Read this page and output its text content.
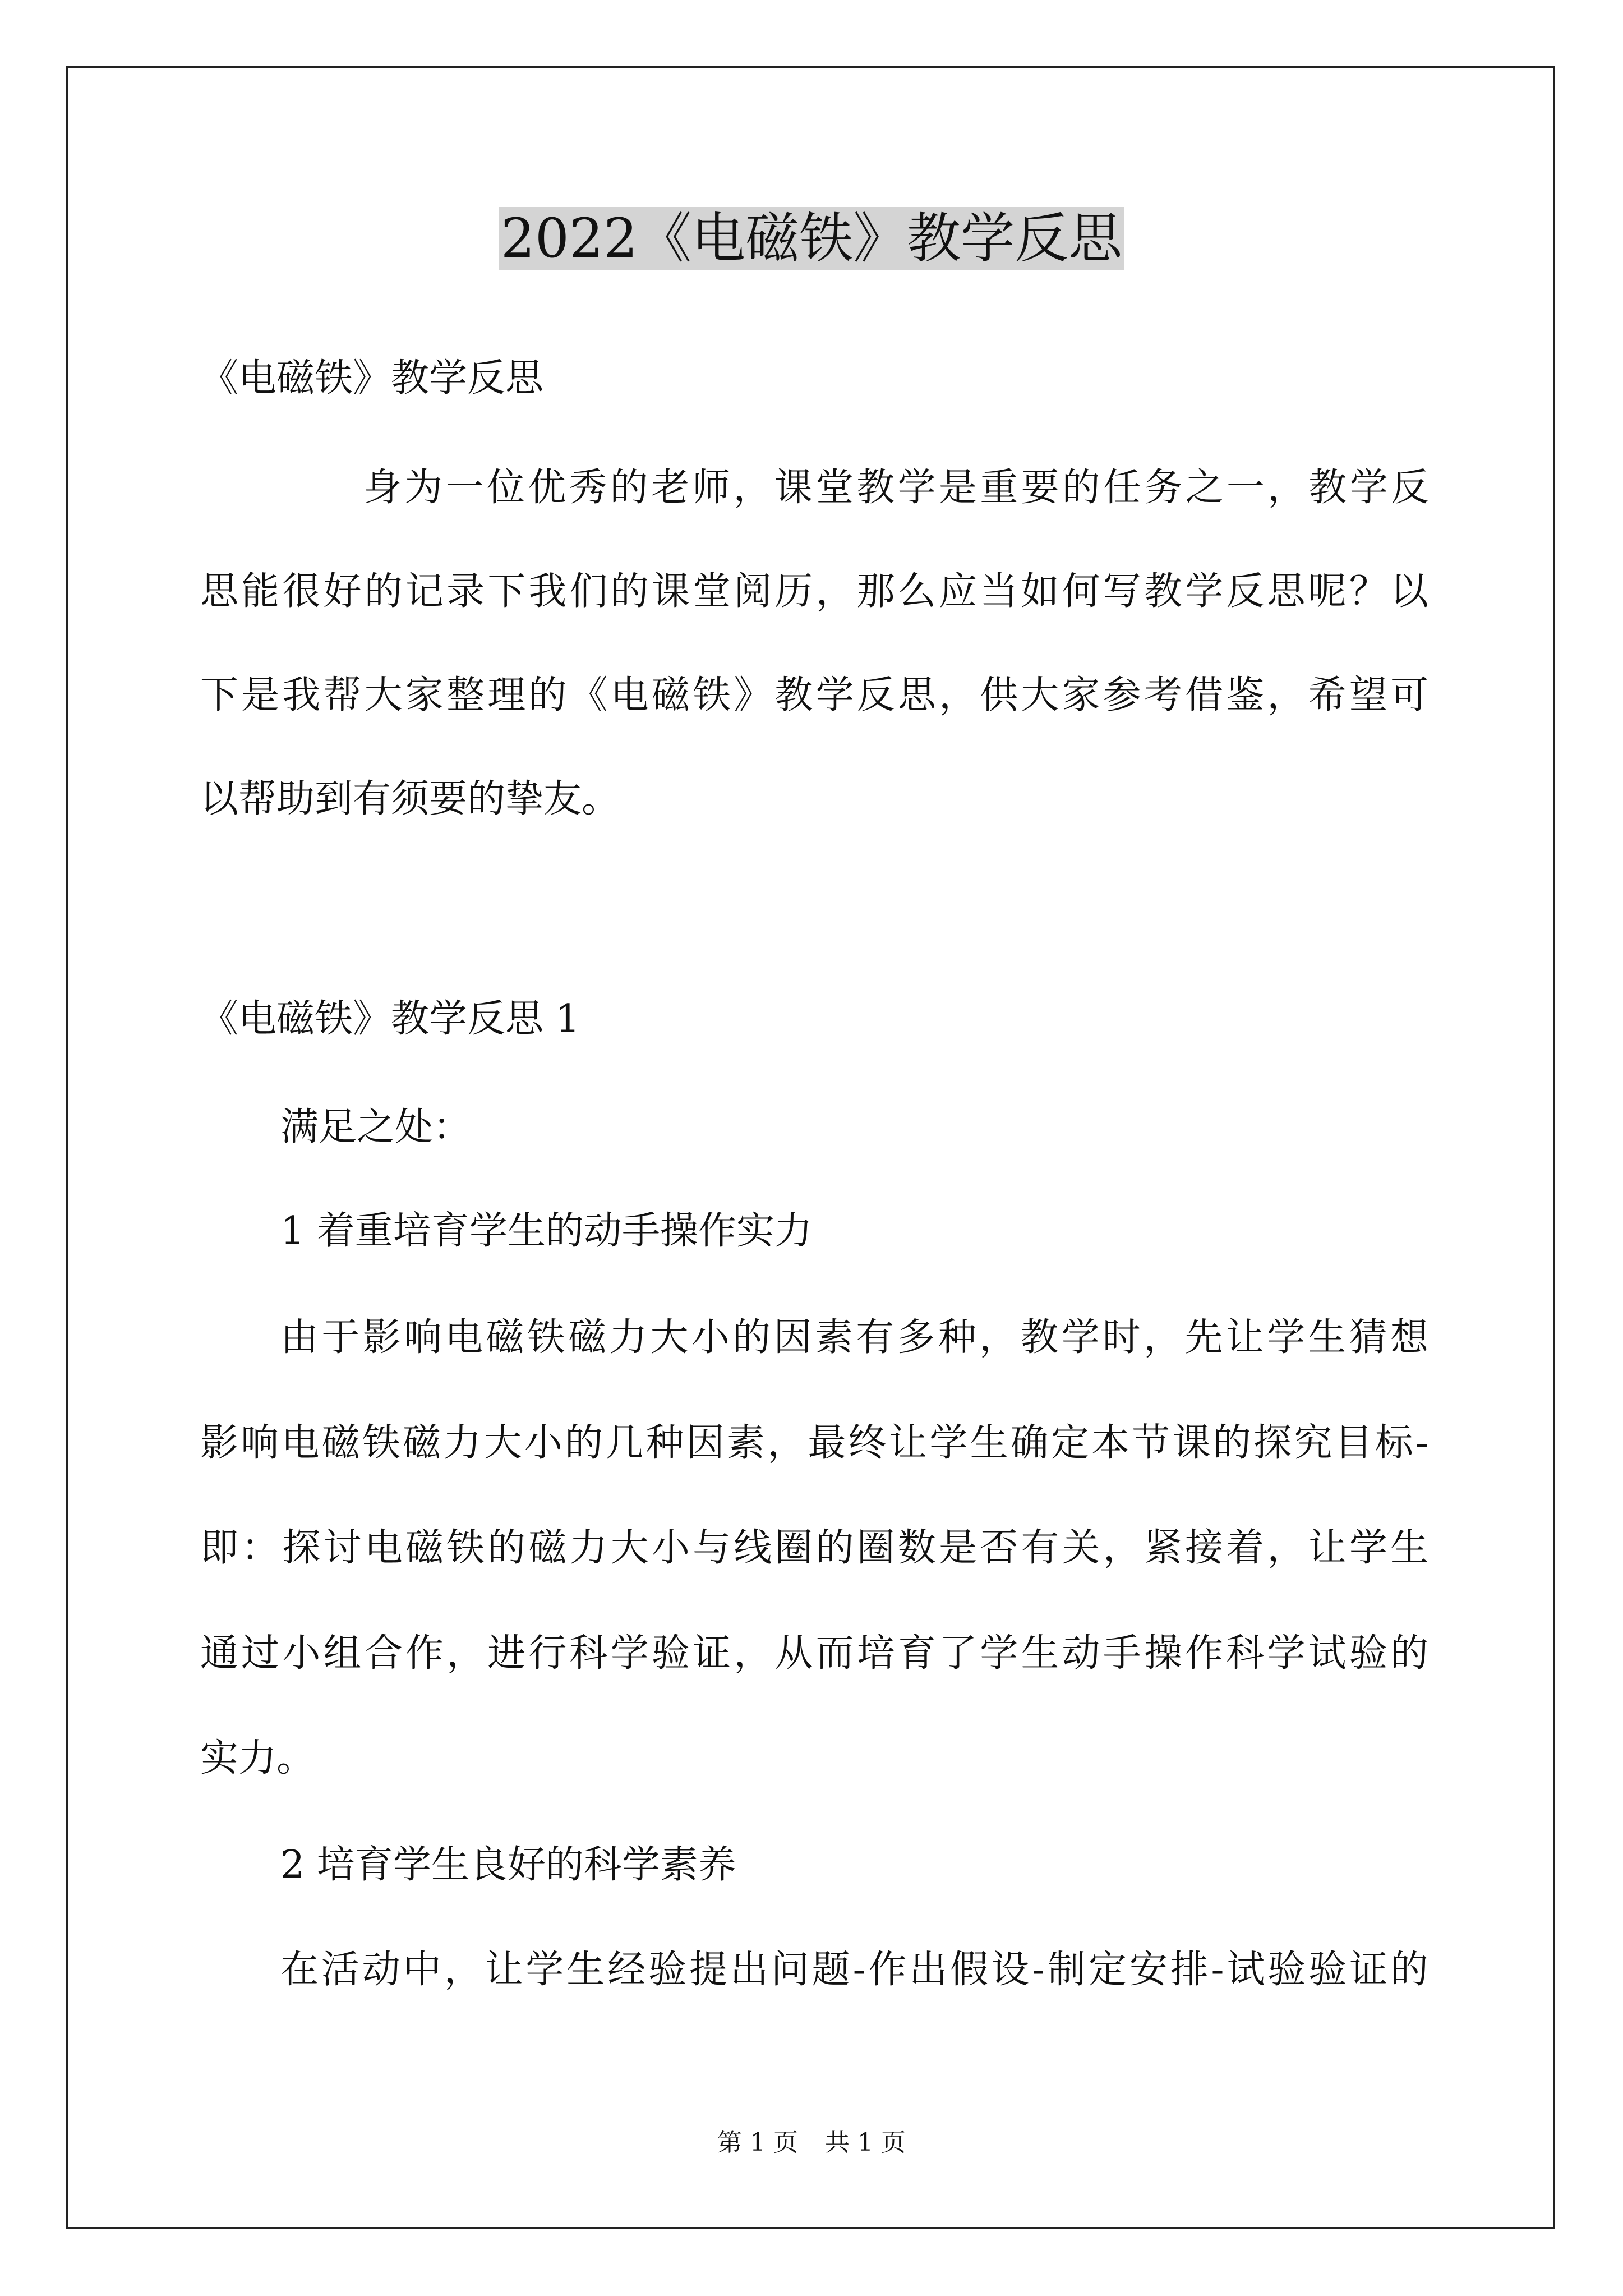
2022《电磁铁》教学反思
《电磁铁》教学反思
身为一位优秀的老师，课堂教学是重要的任务之一，教学反
思能很好的记录下我们的课堂阅历，那么应当如何写教学反思呢？以
下是我帮大家整理的《电磁铁》教学反思，供大家参考借鉴，希望可
以帮助到有须要的挚友。
《电磁铁》教学反思 1
满足之处：
1 着重培育学生的动手操作实力
由于影响电磁铁磁力大小的因素有多种，教学时，先让学生猜想
影响电磁铁磁力大小的几种因素，最终让学生确定本节课的探究目标-
即：探讨电磁铁的磁力大小与线圈的圈数是否有关，紧接着，让学生
通过小组合作，进行科学验证，从而培育了学生动手操作科学试验的
实力。
2 培育学生良好的科学素养
在活动中，让学生经验提出问题-作出假设-制定安排-试验验证的
第 1 页 共 1 页
